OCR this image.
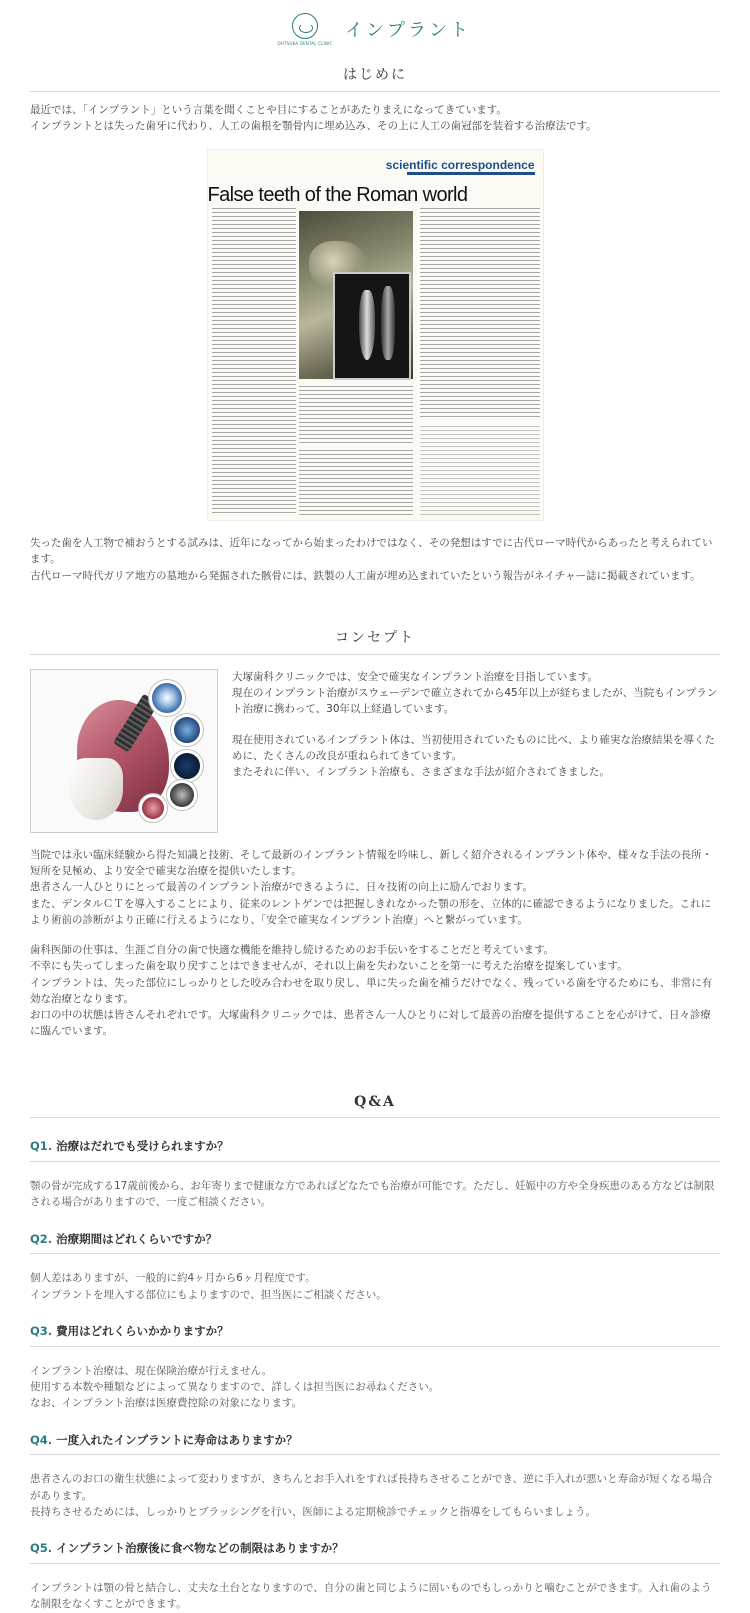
OHTSUKA DENTAL CLINIC
インプラント
はじめに

最近では、「インプラント」という言葉を聞くことや目にすることがあたりまえになってきています。

インプラントとは失った歯牙に代わり、人工の歯根を顎骨内に埋め込み、その上に人工の歯冠部を装着する治療法です。

scientific correspondence
False teeth of the Roman world

失った歯を人工物で補おうとする試みは、近年になってから始まったわけではなく、その発想はすでに古代ローマ時代からあったと考えられています。

古代ローマ時代ガリア地方の墓地から発掘された骸骨には、鉄製の人工歯が埋め込まれていたという報告がネイチャー誌に掲載されています。

コンセプト

大塚歯科クリニックでは、安全で確実なインプラント治療を目指しています。

現在のインプラント治療がスウェーデンで確立されてから45年以上が経ちましたが、当院もインプラント治療に携わって、30年以上経過しています。

現在使用されているインプラント体は、当初使用されていたものに比べ、より確実な治療結果を導くために、たくさんの改良が重ねられてきています。

またそれに伴い、インプラント治療も、さまざまな手法が紹介されてきました。

当院では永い臨床経験から得た知識と技術、そして最新のインプラント情報を吟味し、新しく紹介されるインプラント体や、様々な手法の長所・短所を見極め、より安全で確実な治療を提供いたします。

患者さん一人ひとりにとって最善のインプラント治療ができるように、日々技術の向上に励んでおります。

また、デンタルＣＴを導入することにより、従来のレントゲンでは把握しきれなかった顎の形を、立体的に確認できるようになりました。これにより術前の診断がより正確に行えるようになり、「安全で確実なインプラント治療」へと繋がっています。

歯科医師の仕事は、生涯ご自分の歯で快適な機能を維持し続けるためのお手伝いをすることだと考えています。

不幸にも失ってしまった歯を取り戻すことはできませんが、それ以上歯を失わないことを第一に考えた治療を提案しています。

インプラントは、失った部位にしっかりとした咬み合わせを取り戻し、単に失った歯を補うだけでなく、残っている歯を守るためにも、非常に有効な治療となります。

お口の中の状態は皆さんそれぞれです。大塚歯科クリニックでは、患者さん一人ひとりに対して最善の治療を提供することを心がけて、日々診療に臨んでいます。

Q&A
Q1. 治療はだれでも受けられますか？

顎の骨が完成する17歳前後から、お年寄りまで健康な方であればどなたでも治療が可能です。ただし、妊娠中の方や全身疾患のある方などは制限される場合がありますので、一度ご相談ください。

Q2. 治療期間はどれくらいですか？

個人差はありますが、一般的に約4ヶ月から6ヶ月程度です。

インプラントを埋入する部位にもよりますので、担当医にご相談ください。

Q3. 費用はどれくらいかかりますか？

インプラント治療は、現在保険治療が行えません。

使用する本数や種類などによって異なりますので、詳しくは担当医にお尋ねください。

なお、インプラント治療は医療費控除の対象になります。

Q4. 一度入れたインプラントに寿命はありますか？

患者さんのお口の衛生状態によって変わりますが、きちんとお手入れをすれば長持ちさせることができ、逆に手入れが悪いと寿命が短くなる場合があります。

長持ちさせるためには、しっかりとブラッシングを行い、医師による定期検診でチェックと指導をしてもらいましょう。

Q5. インプラント治療後に食べ物などの制限はありますか？

インプラントは顎の骨と結合し、丈夫な土台となりますので、自分の歯と同じように固いものでもしっかりと噛むことができます。入れ歯のような制限をなくすことができます。
